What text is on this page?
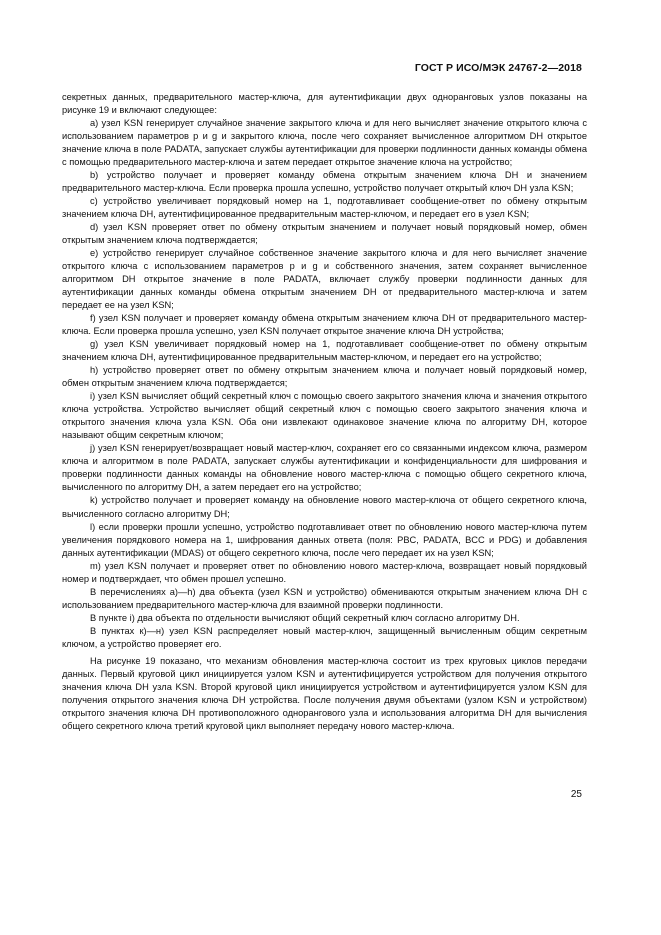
ГОСТ Р ИСО/МЭК 24767-2—2018

секретных данных, предварительного мастер-ключа, для аутентификации двух одноранговых узлов показаны на рисунке 19 и включают следующее:

a) узел KSN генерирует случайное значение закрытого ключа и для него вычисляет значение открытого ключа с использованием параметров p и g и закрытого ключа, после чего сохраняет вычисленное алгоритмом DH открытое значение ключа в поле PADATA, запускает службы аутентификации для проверки подлинности данных команды обмена с помощью предварительного мастер-ключа и затем передает открытое значение ключа на устройство;

b) устройство получает и проверяет команду обмена открытым значением ключа DH и значением предварительного мастер-ключа. Если проверка прошла успешно, устройство получает открытый ключ DH узла KSN;

c) устройство увеличивает порядковый номер на 1, подготавливает сообщение-ответ по обмену открытым значением ключа DH, аутентифицированное предварительным мастер-ключом, и передает его в узел KSN;

d) узел KSN проверяет ответ по обмену открытым значением и получает новый порядковый номер, обмен открытым значением ключа подтверждается;

e) устройство генерирует случайное собственное значение закрытого ключа и для него вычисляет значение открытого ключа c использованием параметров p и g и собственного значения, затем сохраняет вычисленное алгоритмом DH открытое значение в поле PADATA, включает службу проверки подлинности данных для аутентификации данных команды обмена открытым значением DH от предварительного мастер-ключа и затем передает ее на узел KSN;

f) узел KSN получает и проверяет команду обмена открытым значением ключа DH от предварительного мастер-ключа. Если проверка прошла успешно, узел KSN получает открытое значение ключа DH устройства;

g) узел KSN увеличивает порядковый номер на 1, подготавливает сообщение-ответ по обмену открытым значением ключа DH, аутентифицированное предварительным мастер-ключом, и передает его на устройство;

h) устройство проверяет ответ по обмену открытым значением ключа и получает новый порядковый номер, обмен открытым значением ключа подтверждается;

i) узел KSN вычисляет общий секретный ключ с помощью своего закрытого значения ключа и значения открытого ключа устройства. Устройство вычисляет общий секретный ключ с помощью своего закрытого значения ключа и открытого значения ключа узла KSN. Оба они извлекают одинаковое значение ключа по алгоритму DH, которое называют общим секретным ключом;

j) узел KSN генерирует/возвращает новый мастер-ключ, сохраняет его со связанными индексом ключа, размером ключа и алгоритмом в поле PADATA, запускает службы аутентификации и конфиденциальности для шифрования и проверки подлинности данных команды на обновление нового мастер-ключа с помощью общего секретного ключа, вычисленного по алгоритму DH, а затем передает его на устройство;

k) устройство получает и проверяет команду на обновление нового мастер-ключа от общего секретного ключа, вычисленного согласно алгоритму DH;

l) если проверки прошли успешно, устройство подготавливает ответ по обновлению нового мастер-ключа путем увеличения порядкового номера на 1, шифрования данных ответа (поля: PBC, PADATA, BCC и PDG) и добавления данных аутентификации (MDAS) от общего секретного ключа, после чего передает их на узел KSN;

m) узел KSN получает и проверяет ответ по обновлению нового мастер-ключа, возвращает новый порядковый номер и подтверждает, что обмен прошел успешно.

В перечислениях a)—h) два объекта (узел KSN и устройство) обмениваются открытым значением ключа DH с использованием предварительного мастер-ключа для взаимной проверки подлинности.

В пункте i) два объекта по отдельности вычисляют общий секретный ключ согласно алгоритму DH.

В пунктах к)—н) узел KSN распределяет новый мастер-ключ, защищенный вычисленным общим секретным ключом, а устройство проверяет его.

На рисунке 19 показано, что механизм обновления мастер-ключа состоит из трех круговых циклов передачи данных. Первый круговой цикл инициируется узлом KSN и аутентифицируется устройством для получения открытого значения ключа DH узла KSN. Второй круговой цикл инициируется устройством и аутентифицируется узлом KSN для получения открытого значения ключа DH устройства. После получения двумя объектами (узлом KSN и устройством) открытого значения ключа DH противоположного однорангового узла и использования алгоритма DH для вычисления общего секретного ключа третий круговой цикл выполняет передачу нового мастер-ключа.

25
